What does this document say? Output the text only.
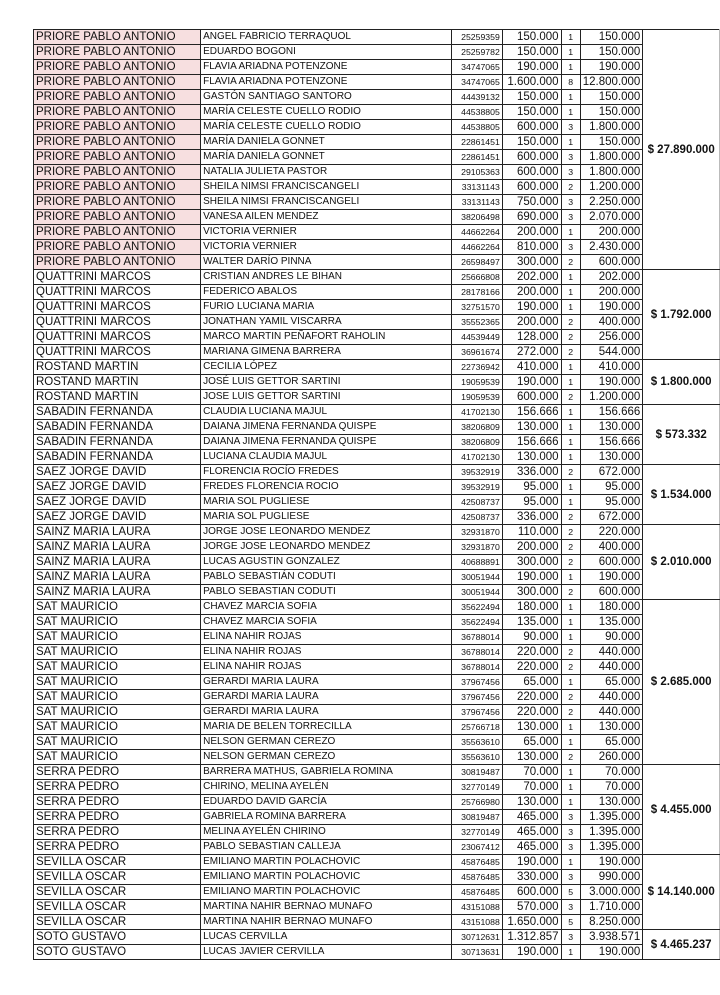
PRIORE PABLO ANTONIO	ANGEL FABRICIO TERRAQUOL	25259359	150.000	1	150.000	$ 27.890.000
PRIORE PABLO ANTONIO	EDUARDO BOGONI	25259782	150.000	1	150.000	
PRIORE PABLO ANTONIO	FLAVIA ARIADNA POTENZONE	34747065	190.000	1	190.000	
PRIORE PABLO ANTONIO	FLAVIA ARIADNA POTENZONE	34747065	1.600.000	8	12.800.000	
PRIORE PABLO ANTONIO	GASTÓN SANTIAGO SANTORO	44439132	150.000	1	150.000	
PRIORE PABLO ANTONIO	MARÍA CELESTE CUELLO RODIO	44538805	150.000	1	150.000	
PRIORE PABLO ANTONIO	MARÍA CELESTE CUELLO RODIO	44538805	600.000	3	1.800.000	
PRIORE PABLO ANTONIO	MARÍA DANIELA GONNET	22861451	150.000	1	150.000	
PRIORE PABLO ANTONIO	MARÍA DANIELA GONNET	22861451	600.000	3	1.800.000	
PRIORE PABLO ANTONIO	NATALIA JULIETA PASTOR	29105363	600.000	3	1.800.000	
PRIORE PABLO ANTONIO	SHEILA NIMSI FRANCISCANGELI	33131143	600.000	2	1.200.000	
PRIORE PABLO ANTONIO	SHEILA NIMSI FRANCISCANGELI	33131143	750.000	3	2.250.000	
PRIORE PABLO ANTONIO	VANESA AILEN MENDEZ	38206498	690.000	3	2.070.000	
PRIORE PABLO ANTONIO	VICTORIA VERNIER	44662264	200.000	1	200.000	
PRIORE PABLO ANTONIO	VICTORIA VERNIER	44662264	810.000	3	2.430.000	
PRIORE PABLO ANTONIO	WALTER DARÍO PINNA	26598497	300.000	2	600.000	
QUATTRINI MARCOS	CRISTIAN ANDRES LE BIHAN	25666808	202.000	1	202.000	$ 1.792.000
QUATTRINI MARCOS	FEDERICO ABALOS	28178166	200.000	1	200.000	
QUATTRINI MARCOS	FURIO LUCIANA MARIA	32751570	190.000	1	190.000	
QUATTRINI MARCOS	JONATHAN YAMIL VISCARRA	35552365	200.000	2	400.000	
QUATTRINI MARCOS	MARCO MARTIN PEÑAFORT RAHOLIN	44539449	128.000	2	256.000	
QUATTRINI MARCOS	MARIANA GIMENA BARRERA	36961674	272.000	2	544.000	
ROSTAND MARTIN	CECILIA LÓPEZ	22736942	410.000	1	410.000	$ 1.800.000
ROSTAND MARTIN	JOSÉ LUIS GETTOR SARTINI	19059539	190.000	1	190.000	
ROSTAND MARTIN	JOSE LUIS GETTOR SARTINI	19059539	600.000	2	1.200.000	
SABADIN FERNANDA	CLAUDIA LUCIANA MAJUL	41702130	156.666	1	156.666	$ 573.332
SABADIN FERNANDA	DAIANA JIMENA FERNANDA QUISPE	38206809	130.000	1	130.000	
SABADIN FERNANDA	DAIANA JIMENA FERNANDA QUISPE	38206809	156.666	1	156.666	
SABADIN FERNANDA	LUCIANA CLAUDIA MAJUL	41702130	130.000	1	130.000	
SAEZ JORGE DAVID	FLORENCIA ROCÍO FREDES	39532919	336.000	2	672.000	$ 1.534.000
SAEZ JORGE DAVID	FREDES FLORENCIA ROCIO	39532919	95.000	1	95.000	
SAEZ JORGE DAVID	MARIA SOL PUGLIESE	42508737	95.000	1	95.000	
SAEZ JORGE DAVID	MARIA SOL PUGLIESE	42508737	336.000	2	672.000	
SAINZ MARIA LAURA	JORGE JOSE LEONARDO MENDEZ	32931870	110.000	2	220.000	$ 2.010.000
SAINZ MARIA LAURA	JORGE JOSE LEONARDO MENDEZ	32931870	200.000	2	400.000	
SAINZ MARIA LAURA	LUCAS AGUSTIN GONZALEZ	40688891	300.000	2	600.000	
SAINZ MARIA LAURA	PABLO SEBASTIÁN CODUTI	30051944	190.000	1	190.000	
SAINZ MARIA LAURA	PABLO SEBASTIAN CODUTI	30051944	300.000	2	600.000	
SAT MAURICIO	CHAVEZ MARCIA SOFIA	35622494	180.000	1	180.000	$ 2.685.000
SAT MAURICIO	CHAVEZ MARCIA SOFIA	35622494	135.000	1	135.000	
SAT MAURICIO	ELINA NAHIR ROJAS	36788014	90.000	1	90.000	
SAT MAURICIO	ELINA NAHIR ROJAS	36788014	220.000	2	440.000	
SAT MAURICIO	ELINA NAHIR ROJAS	36788014	220.000	2	440.000	
SAT MAURICIO	GERARDI MARIA LAURA	37967456	65.000	1	65.000	
SAT MAURICIO	GERARDI MARIA LAURA	37967456	220.000	2	440.000	
SAT MAURICIO	GERARDI MARIA LAURA	37967456	220.000	2	440.000	
SAT MAURICIO	MARIA DE BELEN TORRECILLA	25766718	130.000	1	130.000	
SAT MAURICIO	NELSON GERMAN CEREZO	35563610	65.000	1	65.000	
SAT MAURICIO	NELSON GERMAN CEREZO	35563610	130.000	2	260.000	
SERRA PEDRO	BARRERA MATHUS, GABRIELA ROMINA	30819487	70.000	1	70.000	$ 4.455.000
SERRA PEDRO	CHIRINO, MELINA AYELÉN	32770149	70.000	1	70.000	
SERRA PEDRO	EDUARDO DAVID GARCÍA	25766980	130.000	1	130.000	
SERRA PEDRO	GABRIELA ROMINA BARRERA	30819487	465.000	3	1.395.000	
SERRA PEDRO	MELINA AYELÉN CHIRINO	32770149	465.000	3	1.395.000	
SERRA PEDRO	PABLO SEBASTIAN CALLEJA	23067412	465.000	3	1.395.000	
SEVILLA OSCAR	EMILIANO MARTIN POLACHOVIC	45876485	190.000	1	190.000	$ 14.140.000
SEVILLA OSCAR	EMILIANO MARTIN POLACHOVIC	45876485	330.000	3	990.000	
SEVILLA OSCAR	EMILIANO MARTIN POLACHOVIC	45876485	600.000	5	3.000.000	
SEVILLA OSCAR	MARTINA NAHIR BERNAO MUNAFO	43151088	570.000	3	1.710.000	
SEVILLA OSCAR	MARTINA NAHIR BERNAO MUNAFO	43151088	1.650.000	5	8.250.000	
SOTO GUSTAVO	LUCAS CERVILLA	30712631	1.312.857	3	3.938.571	$ 4.465.237
SOTO GUSTAVO	LUCAS JAVIER CERVILLA	30713631	190.000	1	190.000	
